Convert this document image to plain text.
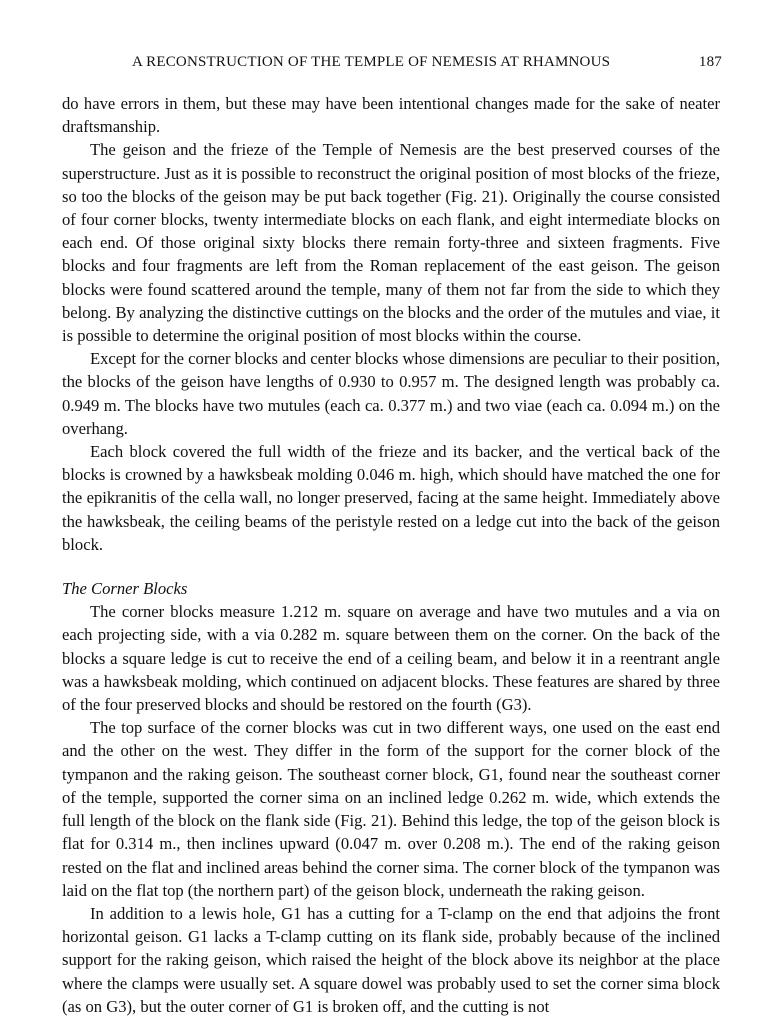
A RECONSTRUCTION OF THE TEMPLE OF NEMESIS AT RHAMNOUS	187

do have errors in them, but these may have been intentional changes made for the sake of neater draftsmanship.

The geison and the frieze of the Temple of Nemesis are the best preserved courses of the superstructure. Just as it is possible to reconstruct the original position of most blocks of the frieze, so too the blocks of the geison may be put back together (Fig. 21). Originally the course consisted of four corner blocks, twenty intermediate blocks on each flank, and eight intermediate blocks on each end. Of those original sixty blocks there remain forty-three and sixteen fragments. Five blocks and four fragments are left from the Roman replacement of the east geison. The geison blocks were found scattered around the temple, many of them not far from the side to which they belong. By analyzing the distinctive cuttings on the blocks and the order of the mutules and viae, it is possible to determine the original position of most blocks within the course.

Except for the corner blocks and center blocks whose dimensions are peculiar to their position, the blocks of the geison have lengths of 0.930 to 0.957 m. The designed length was probably ca. 0.949 m. The blocks have two mutules (each ca. 0.377 m.) and two viae (each ca. 0.094 m.) on the overhang.

Each block covered the full width of the frieze and its backer, and the vertical back of the blocks is crowned by a hawksbeak molding 0.046 m. high, which should have matched the one for the epikranitis of the cella wall, no longer preserved, facing at the same height. Immediately above the hawksbeak, the ceiling beams of the peristyle rested on a ledge cut into the back of the geison block.

The Corner Blocks

The corner blocks measure 1.212 m. square on average and have two mutules and a via on each projecting side, with a via 0.282 m. square between them on the corner. On the back of the blocks a square ledge is cut to receive the end of a ceiling beam, and below it in a reentrant angle was a hawksbeak molding, which continued on adjacent blocks. These features are shared by three of the four preserved blocks and should be restored on the fourth (G3).

The top surface of the corner blocks was cut in two different ways, one used on the east end and the other on the west. They differ in the form of the support for the corner block of the tympanon and the raking geison. The southeast corner block, G1, found near the southeast corner of the temple, supported the corner sima on an inclined ledge 0.262 m. wide, which extends the full length of the block on the flank side (Fig. 21). Behind this ledge, the top of the geison block is flat for 0.314 m., then inclines upward (0.047 m. over 0.208 m.). The end of the raking geison rested on the flat and inclined areas behind the corner sima. The corner block of the tympanon was laid on the flat top (the northern part) of the geison block, underneath the raking geison.

In addition to a lewis hole, G1 has a cutting for a T-clamp on the end that adjoins the front horizontal geison. G1 lacks a T-clamp cutting on its flank side, probably because of the inclined support for the raking geison, which raised the height of the block above its neighbor at the place where the clamps were usually set. A square dowel was probably used to set the corner sima block (as on G3), but the outer corner of G1 is broken off, and the cutting is not
